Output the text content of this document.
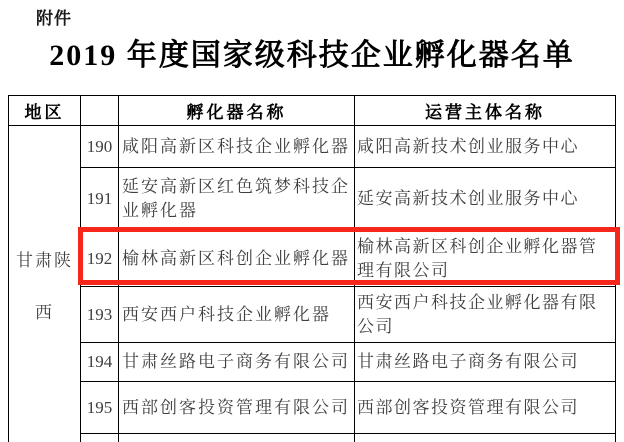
附件
2019 年度国家级科技企业孵化器名单
地区		孵化器名称	运营主体名称
甘肃陕西	190	咸阳高新区科技企业孵化器	咸阳高新技术创业服务中心
	191	延安高新区红色筑梦科技企业孵化器	延安高新技术创业服务中心
	192	榆林高新区科创企业孵化器	榆林高新区科创企业孵化器管理有限公司
	193	西安西户科技企业孵化器	西安西户科技企业孵化器有限公司
	194	甘肃丝路电子商务有限公司	甘肃丝路电子商务有限公司
	195	西部创客投资管理有限公司	西部创客投资管理有限公司
